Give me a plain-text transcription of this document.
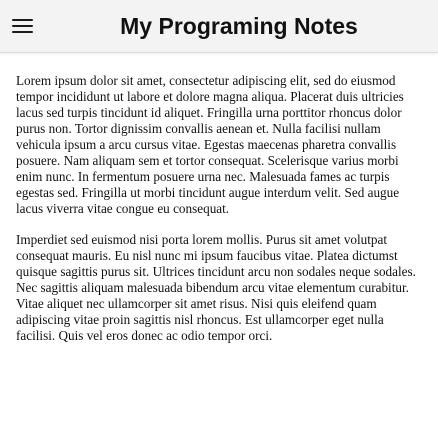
My Programing Notes

Lorem ipsum dolor sit amet, consectetur adipiscing elit, sed do eiusmod tempor incididunt ut labore et dolore magna aliqua. Placerat duis ultricies lacus sed turpis tincidunt id aliquet. Fringilla urna porttitor rhoncus dolor purus non. Tortor dignissim convallis aenean et. Nulla facilisi nullam vehicula ipsum a arcu cursus vitae. Egestas maecenas pharetra convallis posuere. Nam aliquam sem et tortor consequat. Scelerisque varius morbi enim nunc. In fermentum posuere urna nec. Malesuada fames ac turpis egestas sed. Fringilla ut morbi tincidunt augue interdum velit. Sed augue lacus viverra vitae congue eu consequat.

Imperdiet sed euismod nisi porta lorem mollis. Purus sit amet volutpat consequat mauris. Eu nisl nunc mi ipsum faucibus vitae. Platea dictumst quisque sagittis purus sit. Ultrices tincidunt arcu non sodales neque sodales. Nec sagittis aliquam malesuada bibendum arcu vitae elementum curabitur. Vitae aliquet nec ullamcorper sit amet risus. Nisi quis eleifend quam adipiscing vitae proin sagittis nisl rhoncus. Est ullamcorper eget nulla facilisi. Quis vel eros donec ac odio tempor orci.
